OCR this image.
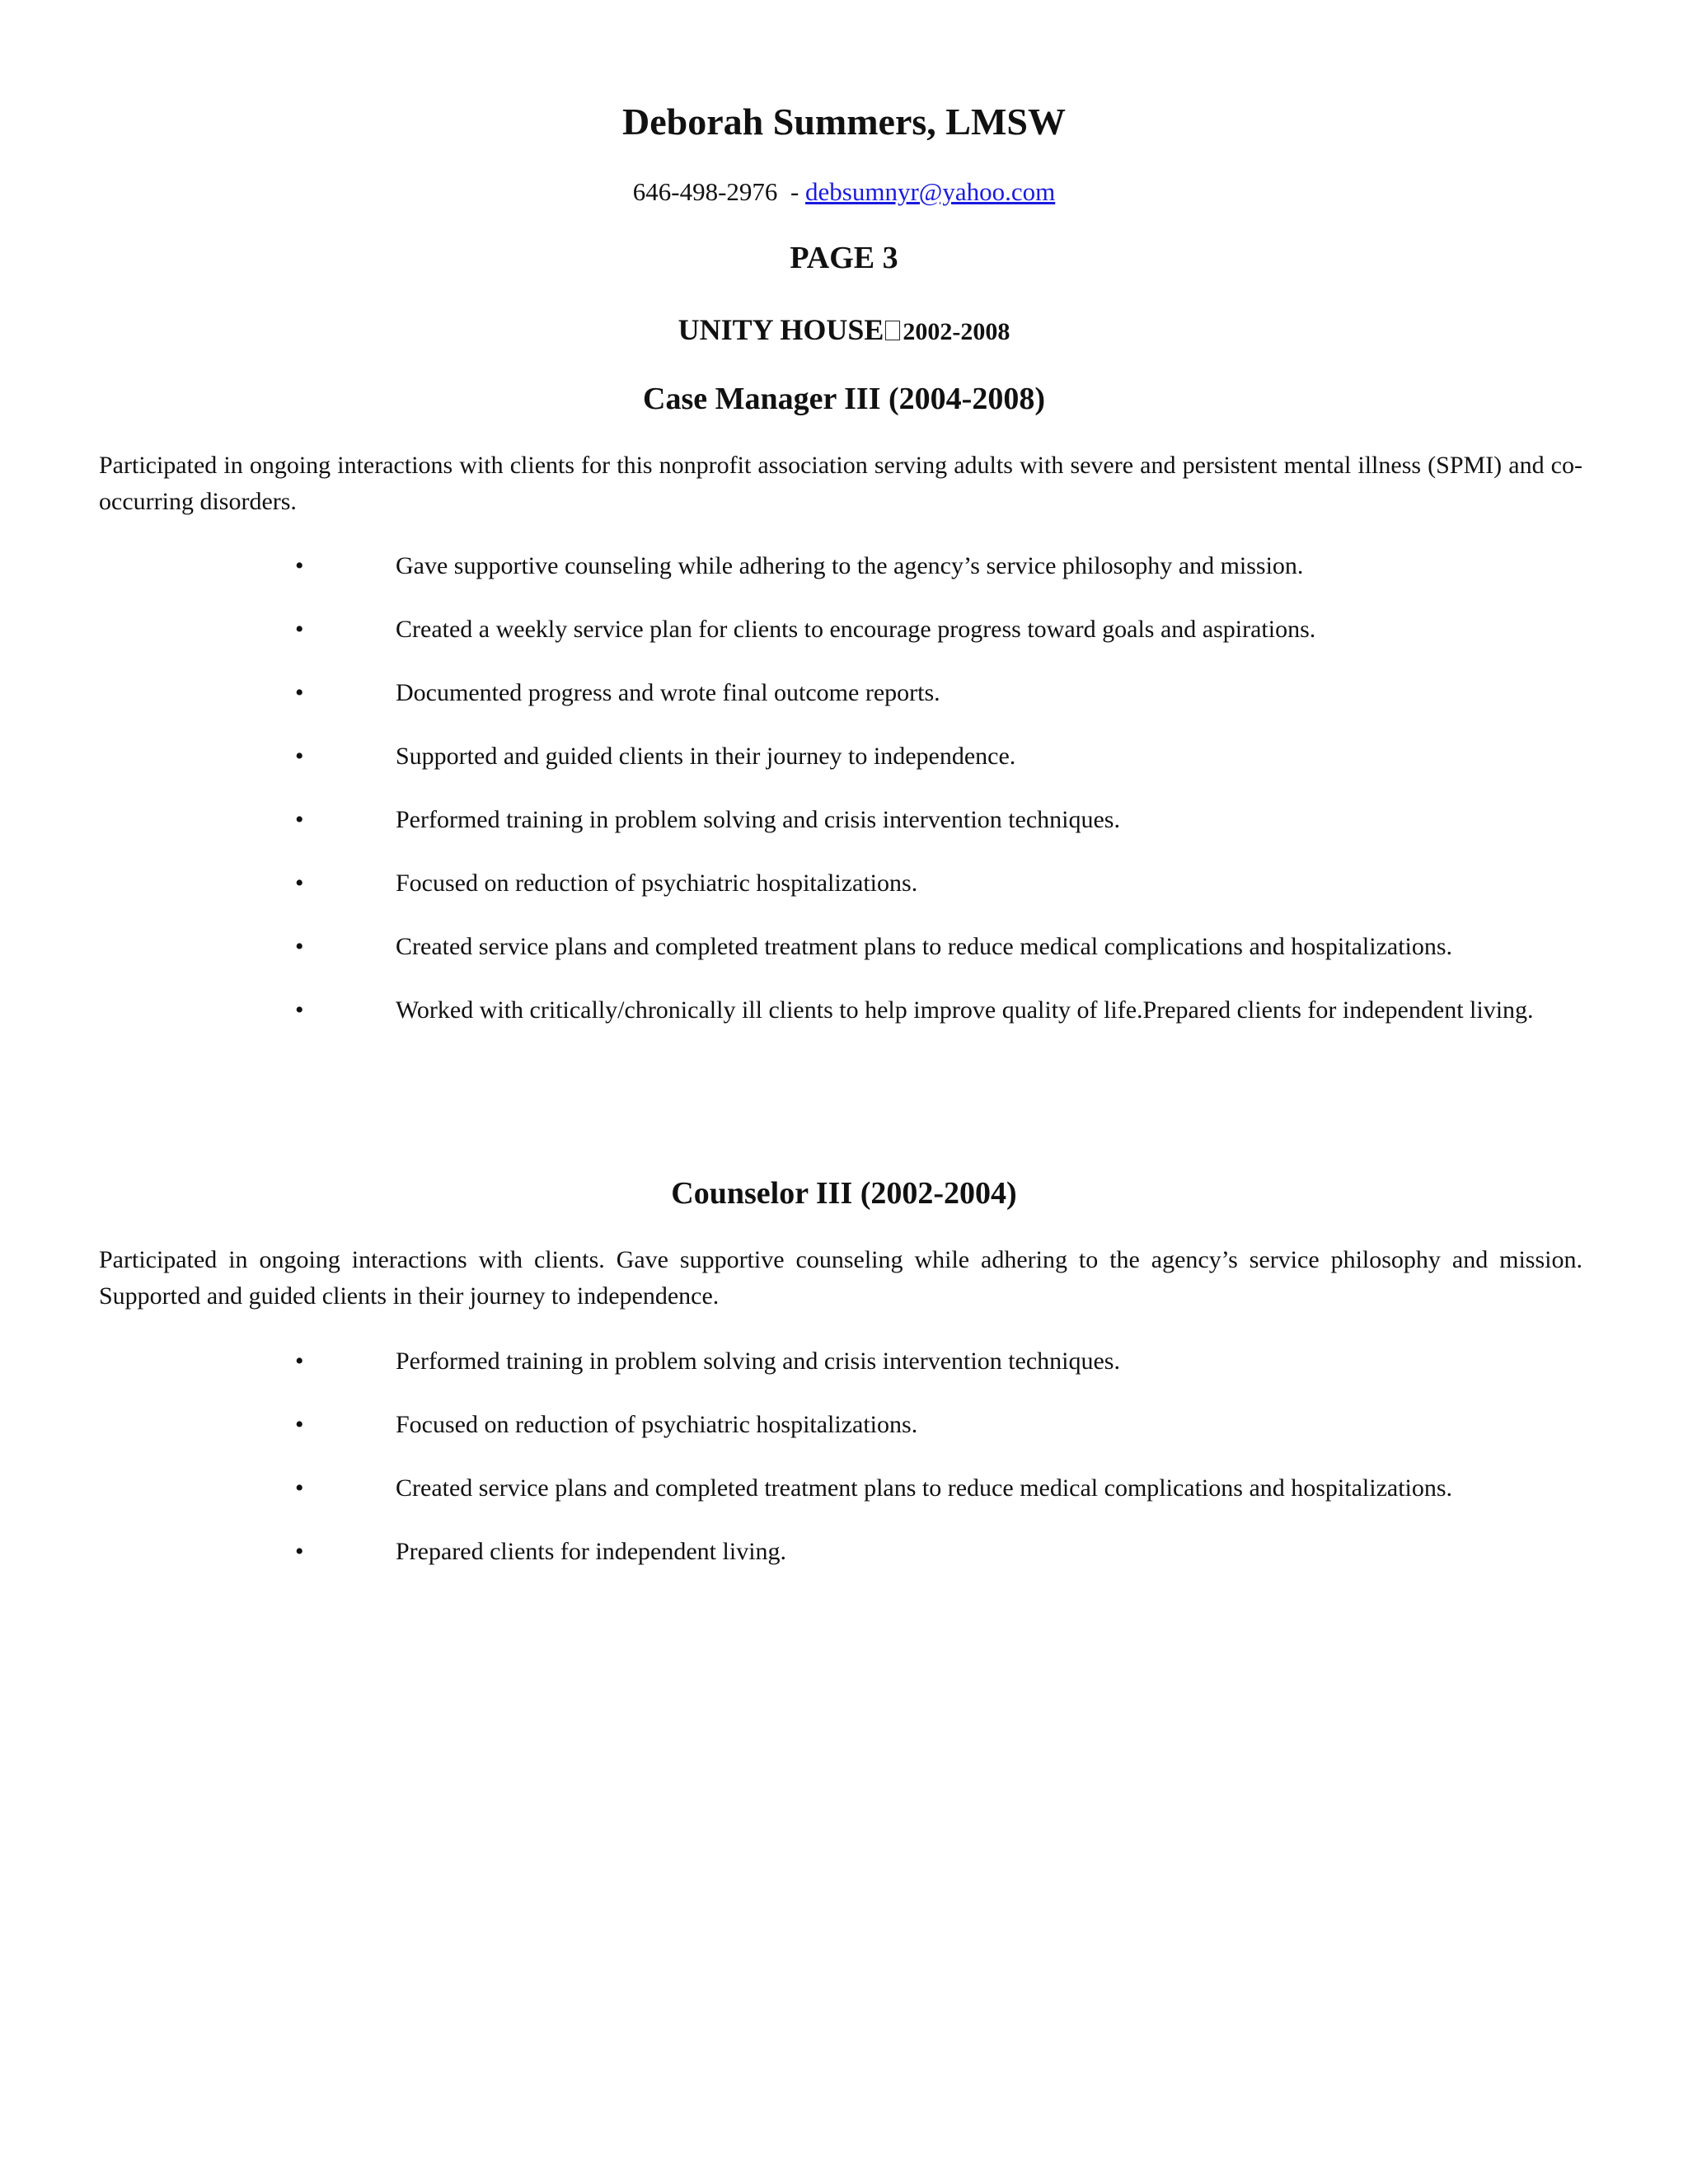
Deborah Summers, LMSW
646-498-2976 - debsumnyr@yahoo.com
PAGE 3
UNITY HOUSE 2002-2008
Case Manager III (2004-2008)
Participated in ongoing interactions with clients for this nonprofit association serving adults with severe and persistent mental illness (SPMI) and co-occurring disorders.
•	Gave supportive counseling while adhering to the agency’s service philosophy and mission.
•	Created a weekly service plan for clients to encourage progress toward goals and aspirations.
•	Documented progress and wrote final outcome reports.
•	Supported and guided clients in their journey to independence.
•	Performed training in problem solving and crisis intervention techniques.
•	Focused on reduction of psychiatric hospitalizations.
•	Created service plans and completed treatment plans to reduce medical complications and hospitalizations.
•	Worked with critically/chronically ill clients to help improve quality of life.Prepared clients for independent living.
Counselor III (2002-2004)
Participated in ongoing interactions with clients. Gave supportive counseling while adhering to the agency’s service philosophy and mission. Supported and guided clients in their journey to independence.
•	Performed training in problem solving and crisis intervention techniques.
•	Focused on reduction of psychiatric hospitalizations.
•	Created service plans and completed treatment plans to reduce medical complications and hospitalizations.
•	Prepared clients for independent living.
